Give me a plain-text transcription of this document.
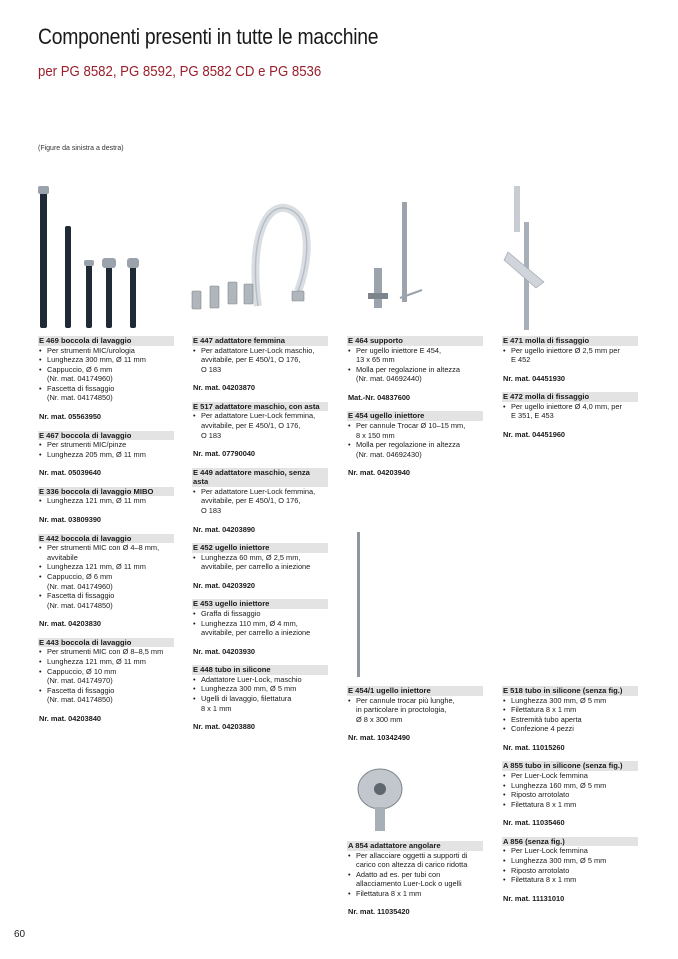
Componenti presenti in tutte le macchine
per PG 8582, PG 8592, PG 8582 CD e PG 8536
(Figure da sinistra a destra)
E 469 boccola di lavaggio
• Per strumenti MIC/urologia
• Lunghezza 300 mm, Ø 11 mm
• Cappuccio, Ø 6 mm
(Nr. mat. 04174960)
• Fascetta di fissaggio
(Nr. mat. 04174850)
Nr. mat. 05563950
E 467 boccola di lavaggio
• Per strumenti MIC/pinze
• Lunghezza 205 mm, Ø 11 mm
Nr. mat. 05039640
E 336 boccola di lavaggio MIBO
• Lunghezza 121 mm, Ø 11 mm
Nr. mat. 03809390
E 442 boccola di lavaggio
• Per strumenti MIC con Ø 4–8 mm,
avvitabile
• Lunghezza 121 mm, Ø 11 mm
• Cappuccio, Ø 6 mm
(Nr. mat. 04174960)
• Fascetta di fissaggio
(Nr. mat. 04174850)
Nr. mat. 04203830
E 443 boccola di lavaggio
• Per strumenti MIC con Ø 8–8,5 mm
• Lunghezza 121 mm, Ø 11 mm
• Cappuccio, Ø 10 mm
(Nr. mat. 04174970)
• Fascetta di fissaggio
(Nr. mat. 04174850)
Nr. mat. 04203840
E 447 adattatore femmina
• Per adattatore Luer-Lock maschio,
avvitabile, per E 450/1, O 176,
O 183
Nr. mat. 04203870
E 517 adattatore maschio, con asta
• Per adattatore Luer-Lock femmina,
avvitabile, per E 450/1, O 176,
O 183
Nr. mat. 07790040
E 449 adattatore maschio, senza
asta
• Per adattatore Luer-Lock femmina,
avvitabile, per E 450/1, O 176,
O 183
Nr. mat. 04203890
E 452 ugello iniettore
• Lunghezza 60 mm, Ø 2,5 mm,
avvitabile, per carrello a iniezione
Nr. mat. 04203920
E 453 ugello iniettore
• Graffa di fissaggio
• Lunghezza 110 mm, Ø 4 mm,
avvitabile, per carrello a iniezione
Nr. mat. 04203930
E 448 tubo in silicone
• Adattatore Luer-Lock, maschio
• Lunghezza 300 mm, Ø 5 mm
• Ugelli di lavaggio, filettatura
8 x 1 mm
Nr. mat. 04203880
E 464 supporto
• Per ugello iniettore E 454,
13 x 65 mm
• Molla per regolazione in altezza
(Nr. mat. 04692440)
Mat.-Nr. 04837600
E 454 ugello iniettore
• Per cannule Trocar Ø 10–15 mm,
8 x 150 mm
• Molla per regolazione in altezza
(Nr. mat. 04692430)
Nr. mat. 04203940
E 454/1 ugello iniettore
• Per cannule trocar più lunghe,
in particolare in proctologia,
Ø 8 x 300 mm
Nr. mat. 10342490
A 854 adattatore angolare
• Per allacciare oggetti a supporti di
carico con altezza di carico ridotta
• Adatto ad es. per tubi con
allacciamento Luer-Lock o ugelli
• Filettatura 8 x 1 mm
Nr. mat. 11035420
E 471 molla di fissaggio
• Per ugello iniettore Ø 2,5 mm per
E 452
Nr. mat. 04451930
E 472 molla di fissaggio
• Per ugello iniettore Ø 4,0 mm, per
E 351, E 453
Nr. mat. 04451960
E 518 tubo in silicone (senza fig.)
• Lunghezza 300 mm, Ø 5 mm
• Filettatura 8 x 1 mm
• Estremità tubo aperta
• Confezione 4 pezzi
Nr. mat. 11015260
A 855 tubo in silicone (senza fig.)
• Per Luer-Lock femmina
• Lunghezza 160 mm, Ø 5 mm
• Riposto arrotolato
• Filettatura 8 x 1 mm
Nr. mat. 11035460
A 856 (senza fig.)
• Per Luer-Lock femmina
• Lunghezza 300 mm, Ø 5 mm
• Riposto arrotolato
• Filettatura 8 x 1 mm
Nr. mat. 11131010
60
